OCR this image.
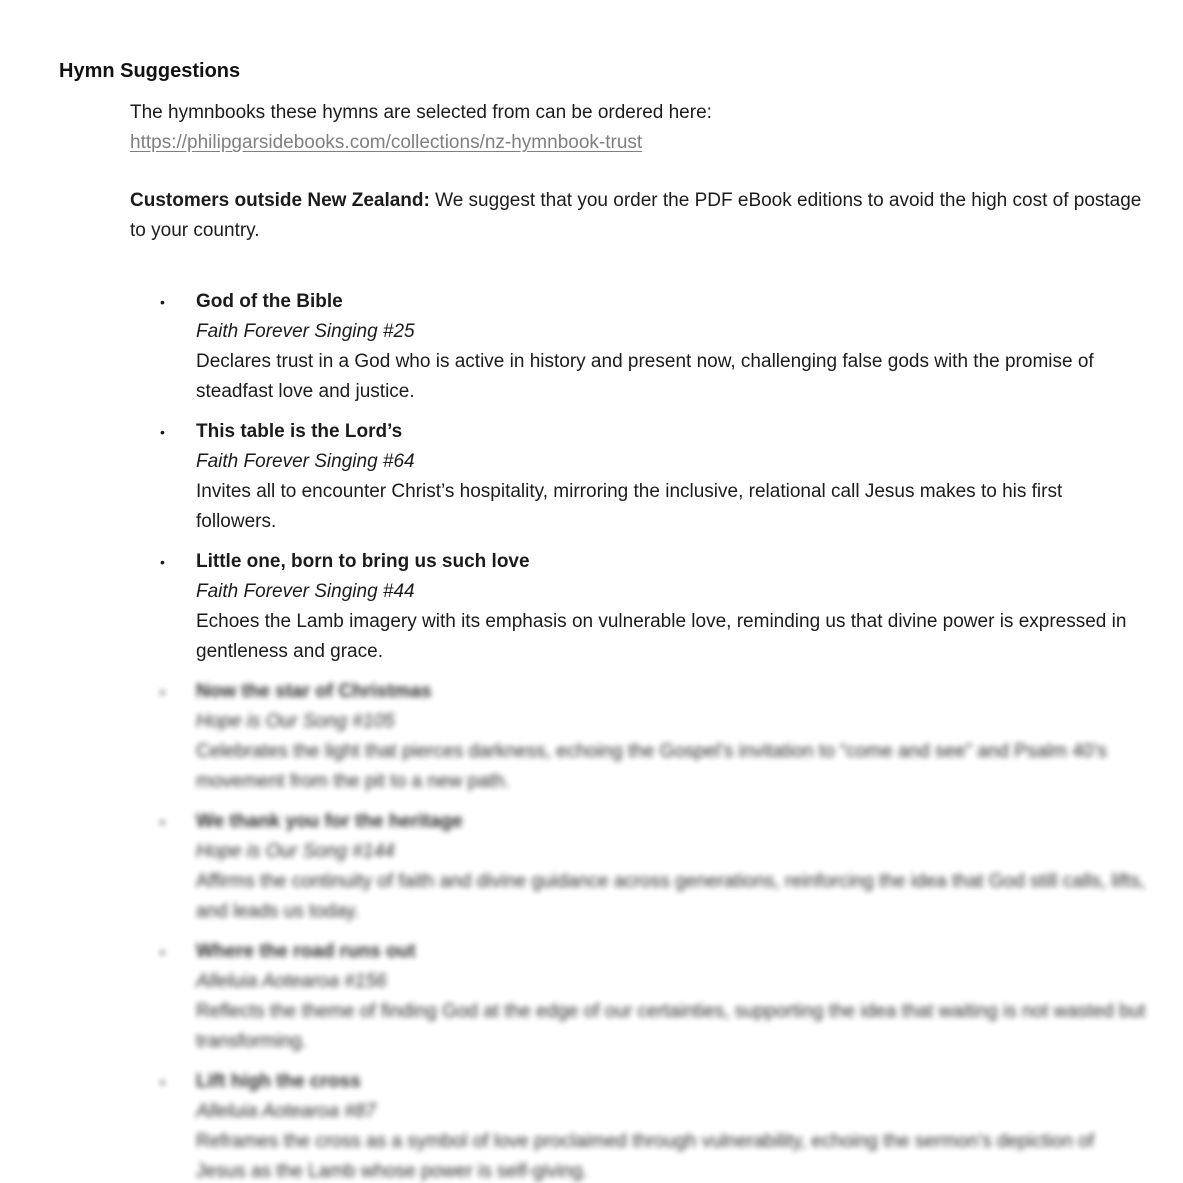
Hymn Suggestions

The hymnbooks these hymns are selected from can be ordered here:
https://philipgarsidebooks.com/collections/nz-hymnbook-trust

Customers outside New Zealand: We suggest that you order the PDF eBook editions to avoid the high cost of postage to your country.

•	God of the Bible
Faith Forever Singing #25
Declares trust in a God who is active in history and present now, challenging false gods with the promise of steadfast love and justice.
•	This table is the Lord’s
Faith Forever Singing #64
Invites all to encounter Christ’s hospitality, mirroring the inclusive, relational call Jesus makes to his first followers.
•	Little one, born to bring us such love
Faith Forever Singing #44
Echoes the Lamb imagery with its emphasis on vulnerable love, reminding us that divine power is expressed in gentleness and grace.
•	Now the star of Christmas
Hope is Our Song #105
Celebrates the light that pierces darkness, echoing the Gospel’s invitation to “come and see” and Psalm 40’s movement from the pit to a new path.
•	We thank you for the heritage
Hope is Our Song #144
Affirms the continuity of faith and divine guidance across generations, reinforcing the idea that God still calls, lifts, and leads us today.
•	Where the road runs out
Alleluia Aotearoa #156
Reflects the theme of finding God at the edge of our certainties, supporting the idea that waiting is not wasted but transforming.
•	Lift high the cross
Alleluia Aotearoa #87
Reframes the cross as a symbol of love proclaimed through vulnerability, echoing the sermon’s depiction of Jesus as the Lamb whose power is self-giving.
